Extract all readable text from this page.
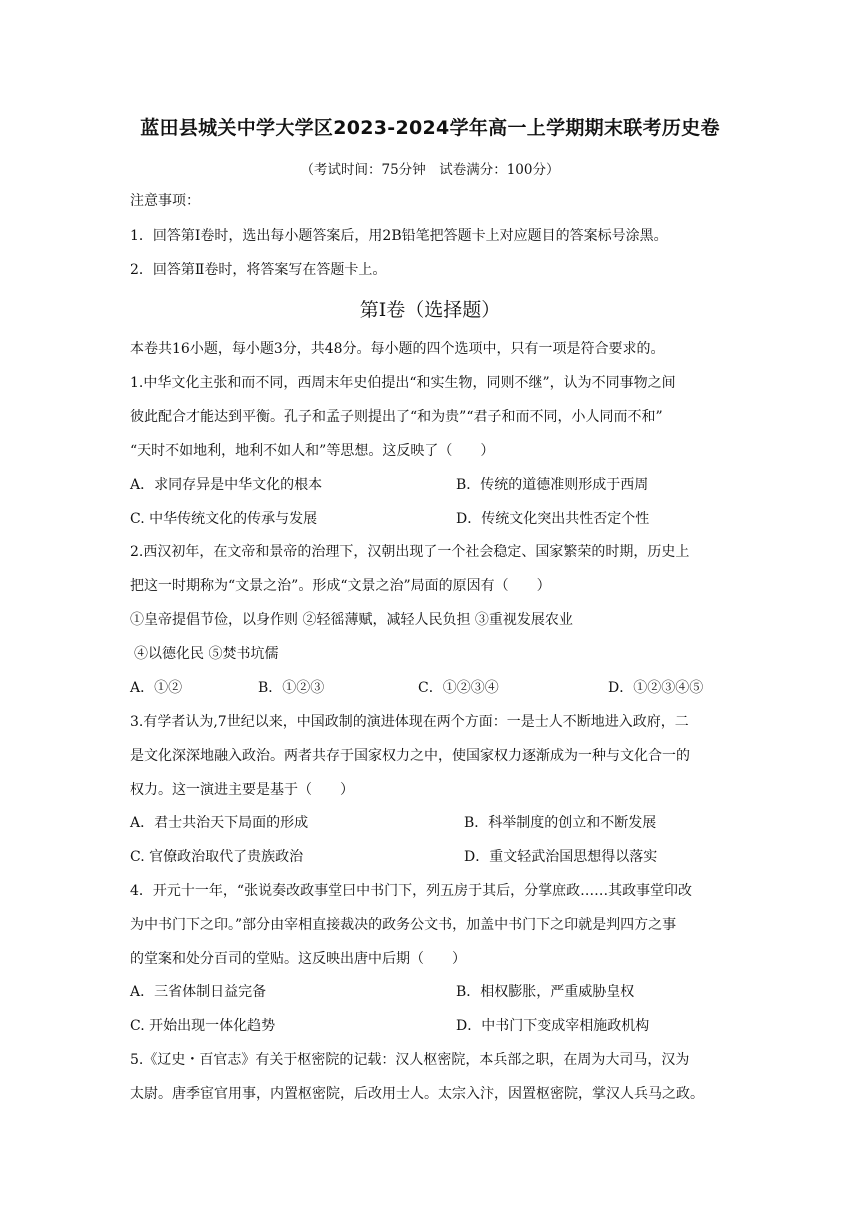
蓝田县城关中学大学区2023-2024学年高一上学期期末联考历史卷
（考试时间：75分钟　试卷满分：100分）
注意事项：
1．回答第Ⅰ卷时，选出每小题答案后，用2B铅笔把答题卡上对应题目的答案标号涂黑。
2．回答第Ⅱ卷时，将答案写在答题卡上。
第Ⅰ卷（选择题）
本卷共16小题，每小题3分，共48分。每小题的四个选项中，只有一项是符合要求的。
1.中华文化主张和而不同，西周末年史伯提出“和实生物，同则不继”，认为不同事物之间
彼此配合才能达到平衡。孔子和孟子则提出了“和为贵”“君子和而不同，小人同而不和”
“天时不如地利，地利不如人和”等思想。这反映了（　　）
A．求同存异是中华文化的根本	B．传统的道德准则形成于西周
C. 中华传统文化的传承与发展	D．传统文化突出共性否定个性
2.西汉初年，在文帝和景帝的治理下，汉朝出现了一个社会稳定、国家繁荣的时期，历史上
把这一时期称为“文景之治”。形成“文景之治”局面的原因有（　　）
①皇帝提倡节俭，以身作则 ②轻徭薄赋，减轻人民负担 ③重视发展农业
④以德化民 ⑤焚书坑儒
A．①②	B．①②③	C．①②③④	D．①②③④⑤
3.有学者认为,7世纪以来，中国政制的演进体现在两个方面：一是士人不断地进入政府，二
是文化深深地融入政治。两者共存于国家权力之中，使国家权力逐渐成为一种与文化合一的
权力。这一演进主要是基于（　　）
A．君士共治天下局面的形成	B．科举制度的创立和不断发展
C. 官僚政治取代了贵族政治	D．重文轻武治国思想得以落实
4．开元十一年，“张说奏改政事堂曰中书门下，列五房于其后，分掌庶政……其政事堂印改
为中书门下之印。”部分由宰相直接裁决的政务公文书，加盖中书门下之印就是判四方之事
的堂案和处分百司的堂贴。这反映出唐中后期（　　）
A．三省体制日益完备	B．相权膨胀，严重威胁皇权
C. 开始出现一体化趋势	D．中书门下变成宰相施政机构
5.《辽史・百官志》有关于枢密院的记载：汉人枢密院，本兵部之职，在周为大司马，汉为
太尉。唐季宦官用事，内置枢密院，后改用士人。太宗入汴，因置枢密院，掌汉人兵马之政。
